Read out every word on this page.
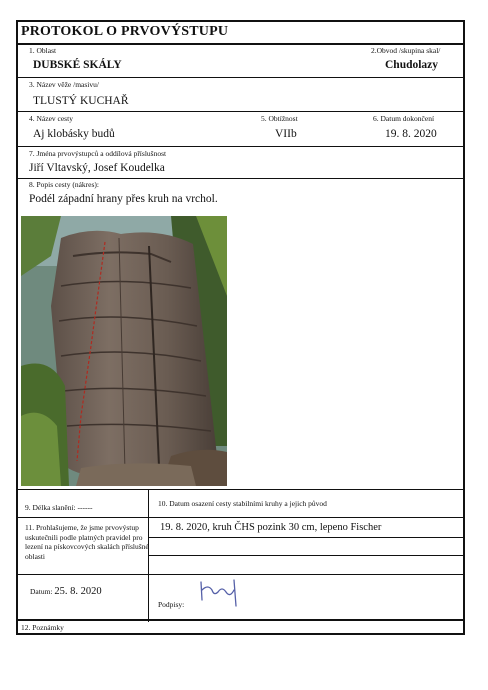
PROTOKOL O PRVOVÝSTUPU
1. Oblast
DUBSKÉ SKÁLY
2.Obvod /skupina skal/
Chudolazy
3. Název věže /masivu/
TLUSTÝ KUCHAŘ
4. Název cesty
Aj klobásky budů
5. Obtížnost
VIIb
6. Datum dokončení
19. 8. 2020
7. Jména prvovýstupců a oddílová příslušnost
Jiří Vltavský, Josef Koudelka
8. Popis cesty (nákres):
Podél západní hrany přes kruh na vrchol.
9. Délka slanění: ------	10. Datum osazení cesty stabilními kruhy a jejich původ
11. Prohlašujeme, že jsme prvovýstup uskutečnili podle platných pravidel pro lezení na pískovcových skalách příslušné oblasti
19. 8. 2020, kruh ČHS pozink 30 cm, lepeno Fischer
Datum: 25. 8. 2020
Podpisy:
12. Poznámky
